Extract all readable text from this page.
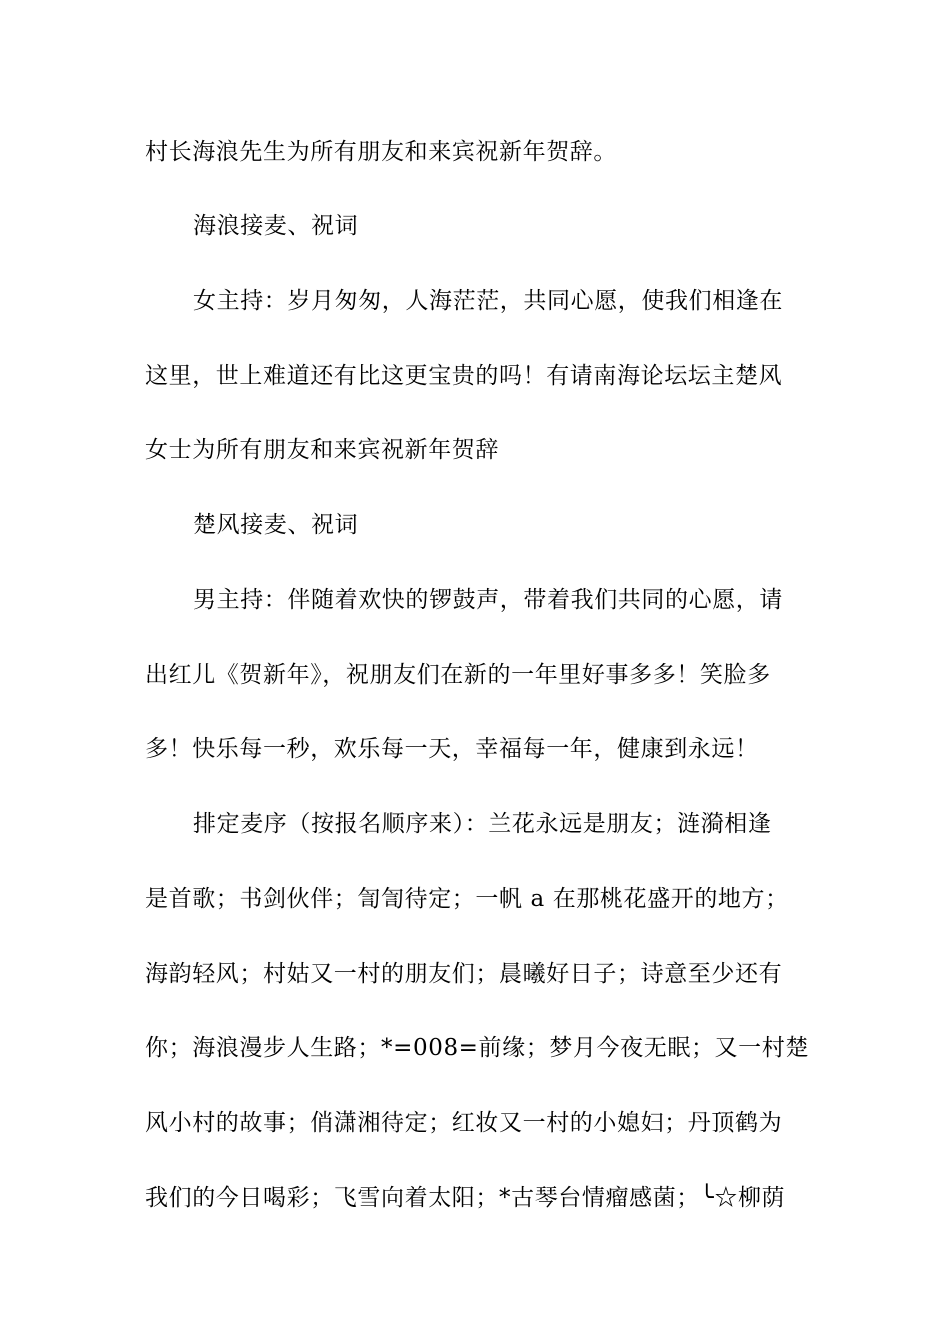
村长海浪先生为所有朋友和来宾祝新年贺辞。
海浪接麦、祝词
女主持：岁月匆匆，人海茫茫，共同心愿，使我们相逢在
这里，世上难道还有比这更宝贵的吗！有请南海论坛坛主楚风
女士为所有朋友和来宾祝新年贺辞
楚风接麦、祝词
男主持：伴随着欢快的锣鼓声，带着我们共同的心愿，请
出红儿《贺新年》，祝朋友们在新的一年里好事多多！笑脸多
多！快乐每一秒，欢乐每一天，幸福每一年，健康到永远！
排定麦序（按报名顺序来）：兰花永远是朋友；涟漪相逢
是首歌；书剑伙伴；訇訇待定；一帆 a 在那桃花盛开的地方；
海韵轻风；村姑又一村的朋友们；晨曦好日子；诗意至少还有
你；海浪漫步人生路；*=008=前缘；梦月今夜无眠；又一村楚
风小村的故事；俏潇湘待定；红妆又一村的小媳妇；丹顶鹤为
我们的今日喝彩；飞雪向着太阳；*古琴台情瘤感菌；╰☆柳荫
